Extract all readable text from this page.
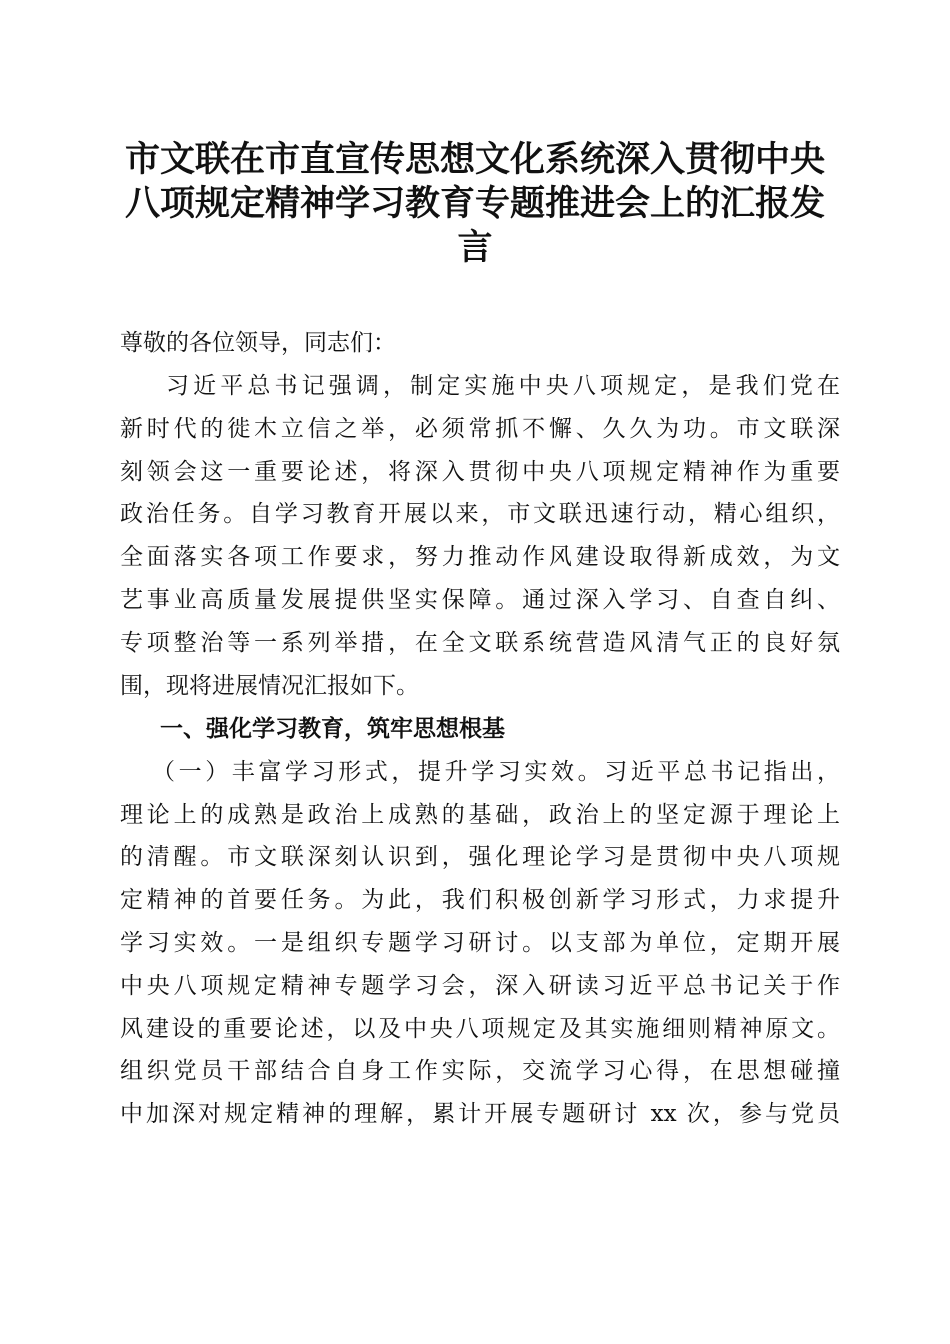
市文联在市直宣传思想文化系统深入贯彻中央
八项规定精神学习教育专题推进会上的汇报发
言
尊敬的各位领导，同志们：
习近平总书记强调，制定实施中央八项规定，是我们党在
新时代的徙木立信之举，必须常抓不懈、久久为功。市文联深
刻领会这一重要论述，将深入贯彻中央八项规定精神作为重要
政治任务。自学习教育开展以来，市文联迅速行动，精心组织，
全面落实各项工作要求，努力推动作风建设取得新成效，为文
艺事业高质量发展提供坚实保障。通过深入学习、自查自纠、
专项整治等一系列举措，在全文联系统营造风清气正的良好氛
围，现将进展情况汇报如下。
一、强化学习教育，筑牢思想根基
（一）丰富学习形式，提升学习实效。习近平总书记指出，
理论上的成熟是政治上成熟的基础，政治上的坚定源于理论上
的清醒。市文联深刻认识到，强化理论学习是贯彻中央八项规
定精神的首要任务。为此，我们积极创新学习形式，力求提升
学习实效。一是组织专题学习研讨。以支部为单位，定期开展
中央八项规定精神专题学习会，深入研读习近平总书记关于作
风建设的重要论述，以及中央八项规定及其实施细则精神原文。
组织党员干部结合自身工作实际，交流学习心得，在思想碰撞
中加深对规定精神的理解，累计开展专题研讨 xx 次，参与党员
